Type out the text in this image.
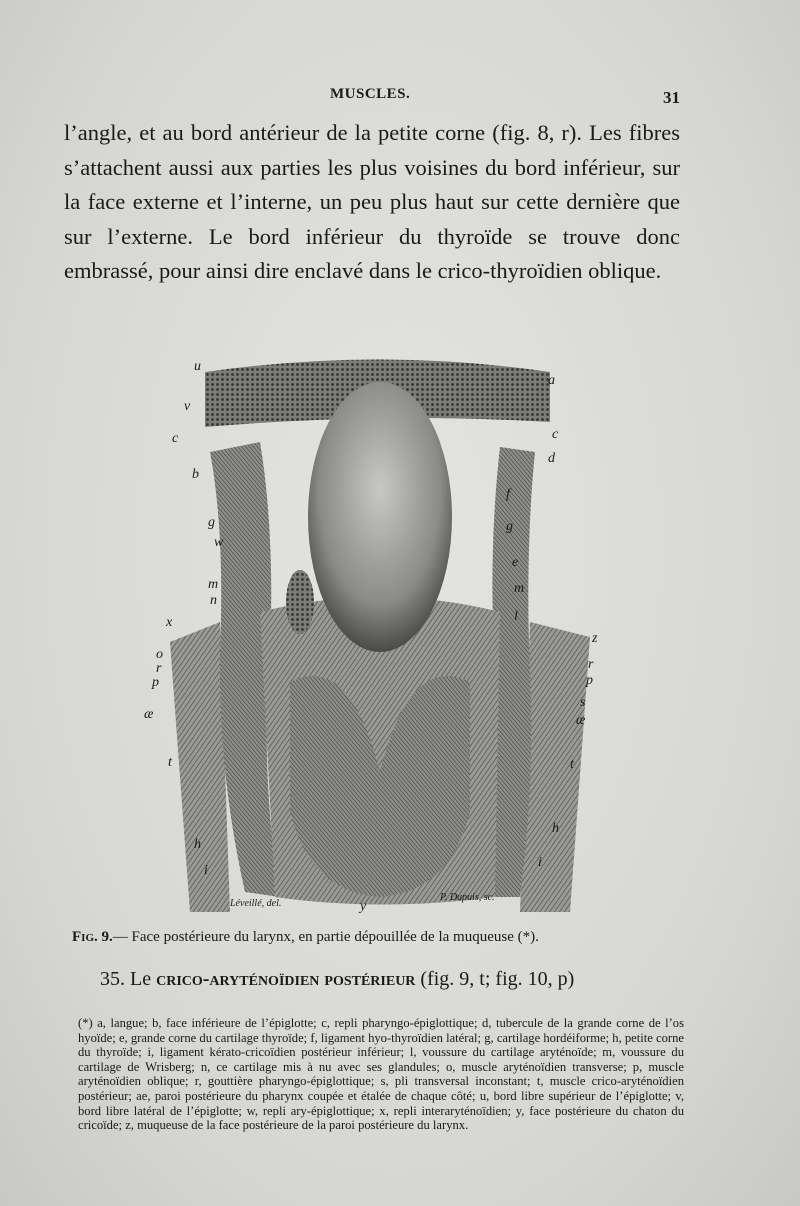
MUSCLES.	31

l’angle, et au bord antérieur de la petite corne (fig. 8, r). Les fibres s’attachent aussi aux parties les plus voisines du bord inférieur, sur la face externe et l’interne, un peu plus haut sur cette dernière que sur l’externe. Le bord inférieur du thyroïde se trouve donc embrassé, pour ainsi dire enclavé dans le crico-thyroïdien oblique.

u
v
c
b
g
w
m
n
x
o
r
p
æ
t
h
i
a
c
d
f
g
e
m
l
z
r
p
s
æ
t
h
i
y
Léveillé, del.
P. Dupuis, sc.
Fig. 9.— Face postérieure du larynx, en partie dépouillée de la muqueuse (*).
35. Le crico-aryténoïdien postérieur (fig. 9, t; fig. 10, p)
(*) a, langue; b, face inférieure de l’épiglotte; c, repli pharyngo-épiglottique; d, tubercule de la grande corne de l’os hyoïde; e, grande corne du cartilage thyroïde; f, ligament hyo-thyroïdien latéral; g, cartilage hordéiforme; h, petite corne du thyroïde; i, ligament kérato-cricoïdien postérieur inférieur; l, voussure du cartilage aryténoïde; m, voussure du cartilage de Wrisberg; n, ce cartilage mis à nu avec ses glandules; o, muscle aryténoïdien transverse; p, muscle aryténoïdien oblique; r, gouttière pharyngo-épiglottique; s, pli transversal inconstant; t, muscle crico-aryténoïdien postérieur; ae, paroi postérieure du pharynx coupée et étalée de chaque côté; u, bord libre supérieur de l’épiglotte; v, bord libre latéral de l’épiglotte; w, repli ary-épiglottique; x, repli interaryténoïdien; y, face postérieure du chaton du cricoïde; z, muqueuse de la face postérieure de la paroi postérieure du larynx.
